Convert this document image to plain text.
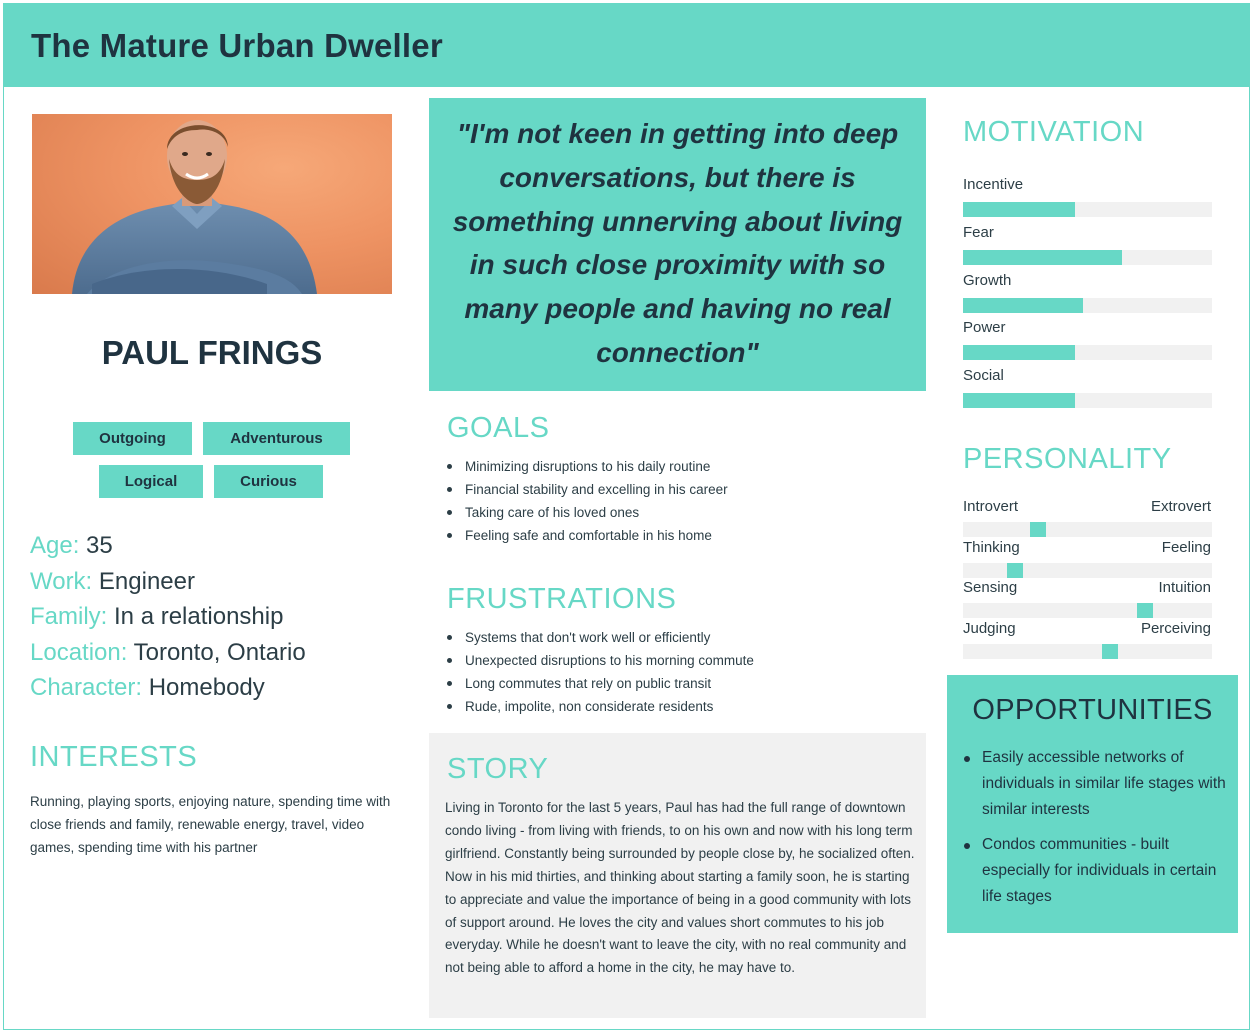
The Mature Urban Dweller
PAUL FRINGS
Outgoing	Adventurous
Logical	Curious
Age: 35
Work: Engineer
Family: In a relationship
Location: Toronto, Ontario
Character: Homebody
INTERESTS
Running, playing sports, enjoying nature, spending time with close friends and family, renewable energy, travel, video games, spending time with his partner

"I'm not keen in getting into deep conversations, but there is something unnerving about living in such close proximity with so many people and having no real connection"

GOALS
Minimizing disruptions to his daily routine
Financial stability and excelling in his career
Taking care of his loved ones
Feeling safe and comfortable in his home
FRUSTRATIONS
Systems that don't work well or efficiently
Unexpected disruptions to his morning commute
Long commutes that rely on public transit
Rude, impolite, non considerate residents
STORY
Living in Toronto for the last 5 years, Paul has had the full range of downtown condo living - from living with friends, to on his own and now with his long term girlfriend. Constantly being surrounded by people close by, he socialized often. Now in his mid thirties, and thinking about starting a family soon, he is starting to appreciate and value the importance of being in a good community with lots of support around. He loves the city and values short commutes to his job everyday. While he doesn't want to leave the city, with no real community and not being able to afford a home in the city, he may have to.
MOTIVATION
Incentive
Fear
Growth
Power
Social
PERSONALITY
Introvert	Extrovert
Thinking	Feeling
Sensing	Intuition
Judging	Perceiving
OPPORTUNITIES
Easily accessible networks of individuals in similar life stages with similar interests
Condos communities - built especially for individuals in certain life stages
